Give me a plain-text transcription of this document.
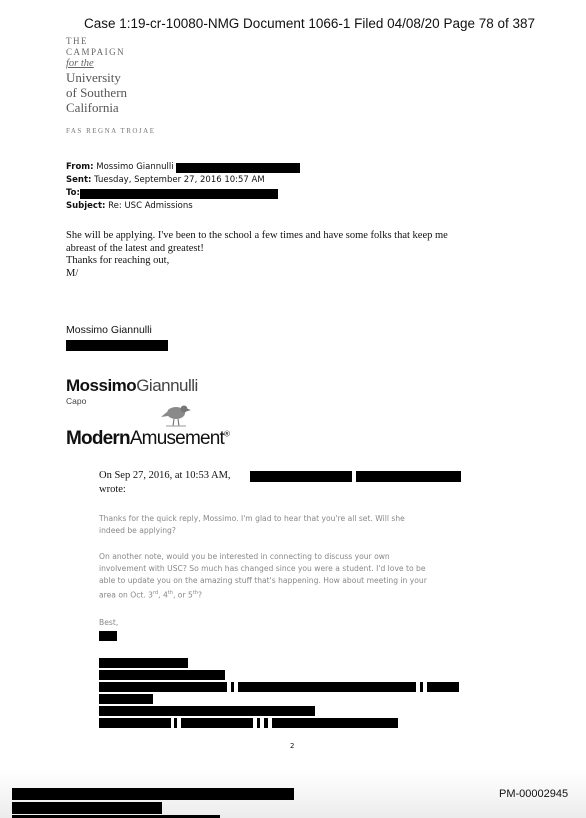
Case 1:19-cr-10080-NMG Document 1066-1 Filed 04/08/20 Page 78 of 387
THE
CAMPAIGN
for the
University
of Southern
California
FAS REGNA TROJAE
From: Mossimo Giannulli
Sent: Tuesday, September 27, 2016 10:57 AM
To:
Subject: Re: USC Admissions
She will be applying. I've been to the school a few times and have some folks that keep me
abreast of the latest and greatest!
Thanks for reaching out,
M/
Mossimo Giannulli
MossimoGiannulli
Capo
ModernAmusement®
On Sep 27, 2016, at 10:53 AM,
wrote:
Thanks for the quick reply, Mossimo. I'm glad to hear that you're all set. Will she
indeed be applying?
On another note, would you be interested in connecting to discuss your own
involvement with USC? So much has changed since you were a student. I'd love to be
able to update you on the amazing stuff that's happening. How about meeting in your
area on Oct. 3rd, 4th, or 5th?
Best,
2
PM-00002945
